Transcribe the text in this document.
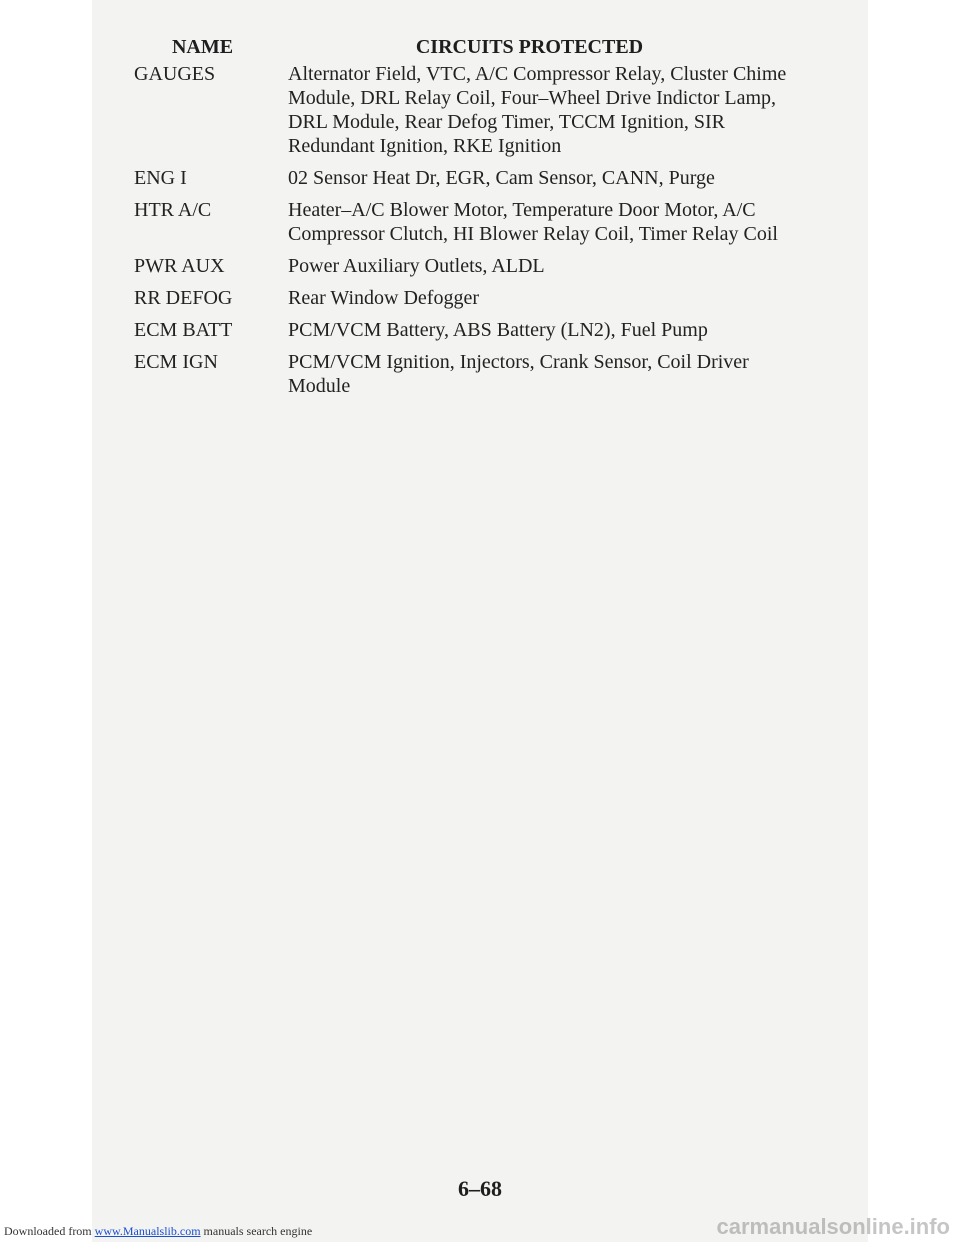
NAME	CIRCUITS PROTECTED
GAUGES	Alternator Field, VTC, A/C Compressor Relay, Cluster Chime Module, DRL Relay Coil, Four–Wheel Drive Indictor Lamp, DRL Module, Rear Defog Timer, TCCM Ignition, SIR Redundant Ignition, RKE Ignition
ENG I	02 Sensor Heat Dr, EGR, Cam Sensor, CANN, Purge
HTR A/C	Heater–A/C Blower Motor, Temperature Door Motor, A/C Compressor Clutch, HI Blower Relay Coil, Timer Relay Coil
PWR AUX	Power Auxiliary Outlets, ALDL
RR DEFOG	Rear Window Defogger
ECM BATT	PCM/VCM Battery, ABS Battery (LN2), Fuel Pump
ECM IGN	PCM/VCM Ignition, Injectors, Crank Sensor, Coil Driver Module
6–68
Downloaded from www.Manualslib.com manuals search engine	carmanualsonline.info
